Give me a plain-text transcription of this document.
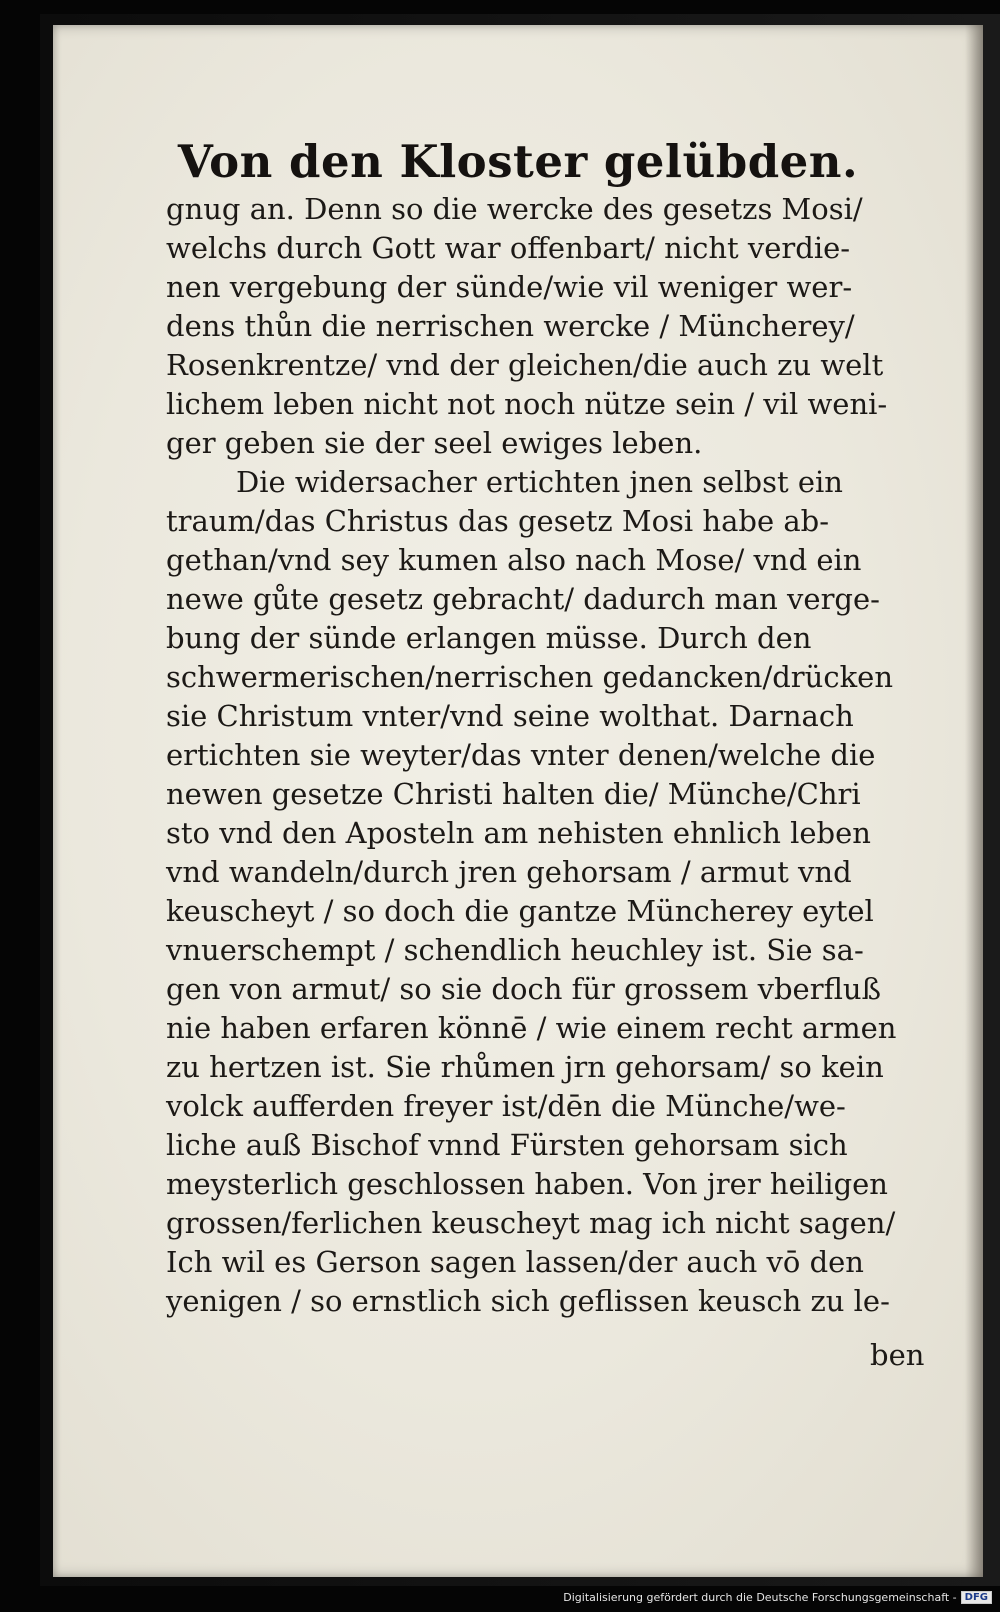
Von den Kloster gelübden.
gnug an. Denn so die wercke des gesetzs Mosi/
welchs durch Gott war offenbart/ nicht verdie-
nen vergebung der sünde/wie vil weniger wer-
dens thůn die nerrischen wercke / Müncherey/
Rosenkrentze/ vnd der gleichen/die auch zu welt
lichem leben nicht not noch nütze sein / vil weni-
ger geben sie der seel ewiges leben.
Die widersacher ertichten jnen selbst ein
traum/das Christus das gesetz Mosi habe ab-
gethan/vnd sey kumen also nach Mose/ vnd ein
newe gůte gesetz gebracht/ dadurch man verge-
bung der sünde erlangen müsse. Durch den
schwermerischen/nerrischen gedancken/drücken
sie Christum vnter/vnd seine wolthat. Darnach
ertichten sie weyter/das vnter denen/welche die
newen gesetze Christi halten die/ Münche/Chri
sto vnd den Aposteln am nehisten ehnlich leben
vnd wandeln/durch jren gehorsam / armut vnd
keuscheyt / so doch die gantze Müncherey eytel
vnuerschempt / schendlich heuchley ist. Sie sa-
gen von armut/ so sie doch für grossem vberfluß
nie haben erfaren könnē / wie einem recht armen
zu hertzen ist. Sie rhůmen jrn gehorsam/ so kein
volck aufferden freyer ist/dēn die Münche/we-
liche auß Bischof vnnd Fürsten gehorsam sich
meysterlich geschlossen haben. Von jrer heiligen
grossen/ferlichen keuscheyt mag ich nicht sagen/
Ich wil es Gerson sagen lassen/der auch vō den
yenigen / so ernstlich sich geflissen keusch zu le-
ben
Digitalisierung gefördert durch die Deutsche Forschungsgemeinschaft - DFG
